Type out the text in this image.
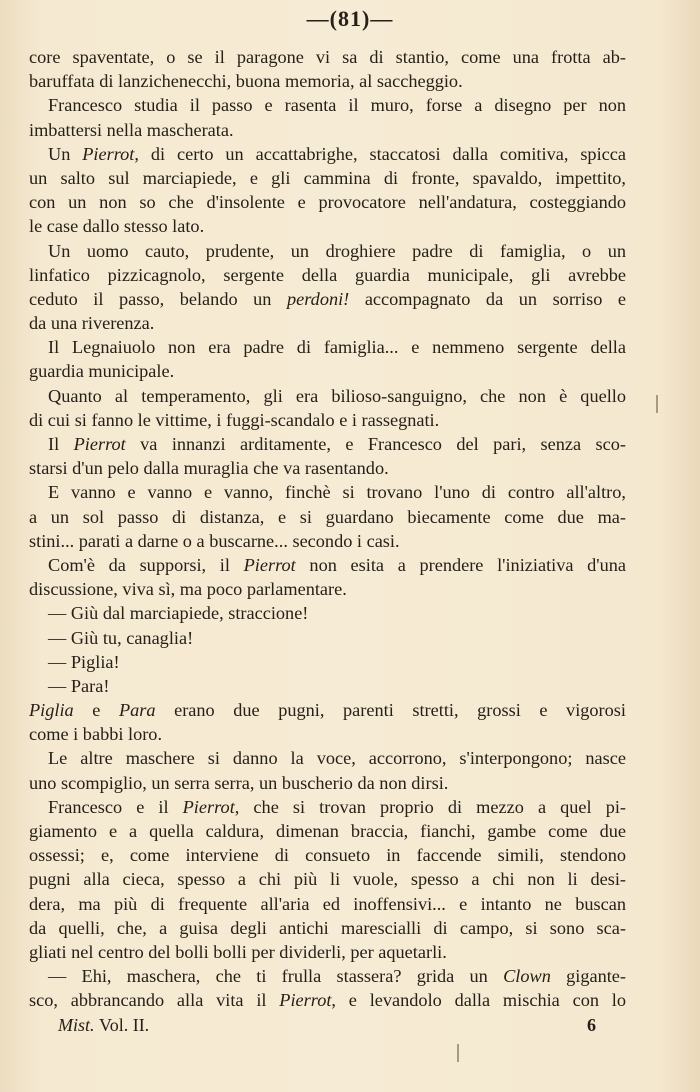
—(81)—
core spaventate, o se il paragone vi sa di stantio, come una frotta ab-
baruffata di lanzichenecchi, buona memoria, al saccheggio.
Francesco studia il passo e rasenta il muro, forse a disegno per non
imbattersi nella mascherata.
Un Pierrot, di certo un accattabrighe, staccatosi dalla comitiva, spicca
un salto sul marciapiede, e gli cammina di fronte, spavaldo, impettito,
con un non so che d'insolente e provocatore nell'andatura, costeggiando
le case dallo stesso lato.
Un uomo cauto, prudente, un droghiere padre di famiglia, o un
linfatico pizzicagnolo, sergente della guardia municipale, gli avrebbe
ceduto il passo, belando un perdoni! accompagnato da un sorriso e
da una riverenza.
Il Legnaiuolo non era padre di famiglia... e nemmeno sergente della
guardia municipale.
Quanto al temperamento, gli era bilioso-sanguigno, che non è quello
di cui si fanno le vittime, i fuggi-scandalo e i rassegnati.
Il Pierrot va innanzi arditamente, e Francesco del pari, senza sco-
starsi d'un pelo dalla muraglia che va rasentando.
E vanno e vanno e vanno, finchè si trovano l'uno di contro all'altro,
a un sol passo di distanza, e si guardano biecamente come due ma-
stini... parati a darne o a buscarne... secondo i casi.
Com'è da supporsi, il Pierrot non esita a prendere l'iniziativa d'una
discussione, viva sì, ma poco parlamentare.
— Giù dal marciapiede, straccione!
— Giù tu, canaglia!
— Piglia!
— Para!
Piglia e Para erano due pugni, parenti stretti, grossi e vigorosi
come i babbi loro.
Le altre maschere si danno la voce, accorrono, s'interpongono; nasce
uno scompiglio, un serra serra, un buscherio da non dirsi.
Francesco e il Pierrot, che si trovan proprio di mezzo a quel pi-
giamento e a quella caldura, dimenan braccia, fianchi, gambe come due
ossessi; e, come interviene di consueto in faccende simili, stendono
pugni alla cieca, spesso a chi più li vuole, spesso a chi non li desi-
dera, ma più di frequente all'aria ed inoffensivi... e intanto ne buscan
da quelli, che, a guisa degli antichi marescialli di campo, si sono sca-
gliati nel centro del bolli bolli per dividerli, per aquetarli.
— Ehi, maschera, che ti frulla stassera? grida un Clown gigante-
sco, abbrancando alla vita il Pierrot, e levandolo dalla mischia con lo
Mist. Vol. II.	6
